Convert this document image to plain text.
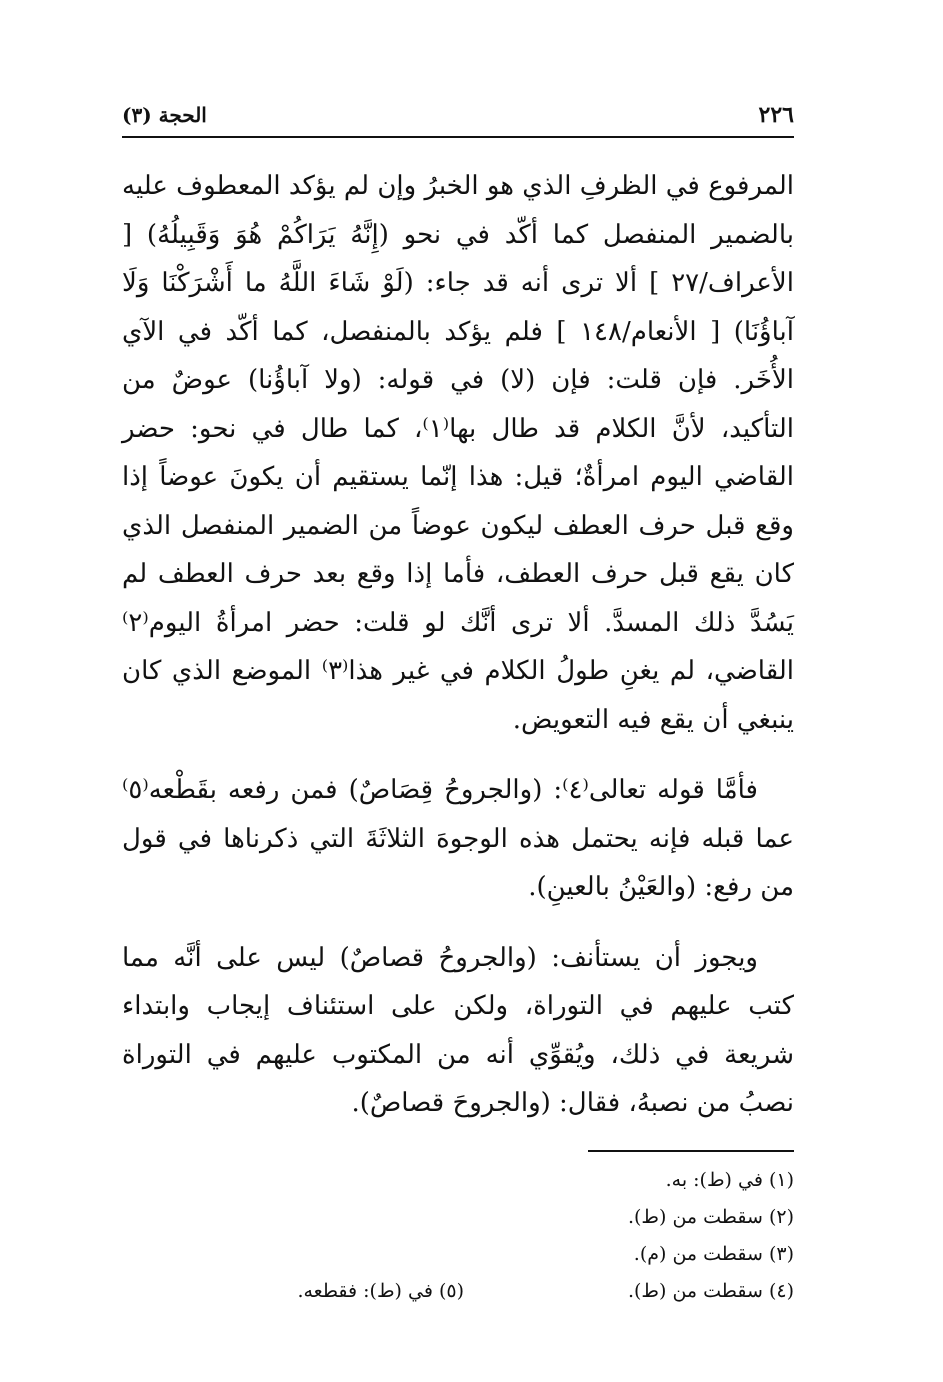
٢٢٦
الحجة (٣)

المرفوع في الظرفِ الذي هو الخبرُ وإن لم يؤكد المعطوف عليه بالضمير المنفصل كما أكّد في نحو (إِنَّهُ يَرَاكُمْ هُوَ وَقَبِيلُهُ) [ الأعراف/٢٧ ] ألا ترى أنه قد جاء: (لَوْ شَاءَ اللَّهُ ما أَشْرَكْنَا وَلَا آباؤُنَا) [ الأنعام/١٤٨ ] فلم يؤكد بالمنفصل، كما أكّد في الآي الأُخَر. فإن قلت: فإن (لا) في قوله: (ولا آباؤُنا) عوضٌ من التأكيد، لأنَّ الكلام قد طال بها⁽١⁾، كما طال في نحو: حضر القاضي اليوم امرأةٌ؛ قيل: هذا إنّما يستقيم أن يكونَ عوضاً إذا وقع قبل حرف العطف ليكون عوضاً من الضمير المنفصل الذي كان يقع قبل حرف العطف، فأما إذا وقع بعد حرف العطف لم يَسُدَّ ذلك المسدَّ. ألا ترى أنَّك لو قلت: حضر امرأةُ اليوم⁽٢⁾ القاضي، لم يغنِ طولُ الكلام في غير هذا⁽٣⁾ الموضع الذي كان ينبغي أن يقع فيه التعويض.

فأمَّا قوله تعالى⁽٤⁾: (والجروحُ قِصَاصٌ) فمن رفعه بقَطْعه⁽٥⁾ عما قبله فإنه يحتمل هذه الوجوهَ الثلاثَةَ التي ذكرناها في قول من رفع: (والعَيْنُ بالعينِ).

ويجوز أن يستأنف: (والجروحُ قصاصٌ) ليس على أنَّه مما كتب عليهم في التوراة، ولكن على استئناف إيجاب وابتداء شريعة في ذلك، ويُقوِّي أنه من المكتوب عليهم في التوراة نصبُ من نصبهُ، فقال: (والجروحَ قصاصٌ).

(١) في (ط): به.
(٢) سقطت من (ط).
(٣) سقطت من (م).
(٤) سقطت من (ط).
(٥) في (ط): فقطعه.
